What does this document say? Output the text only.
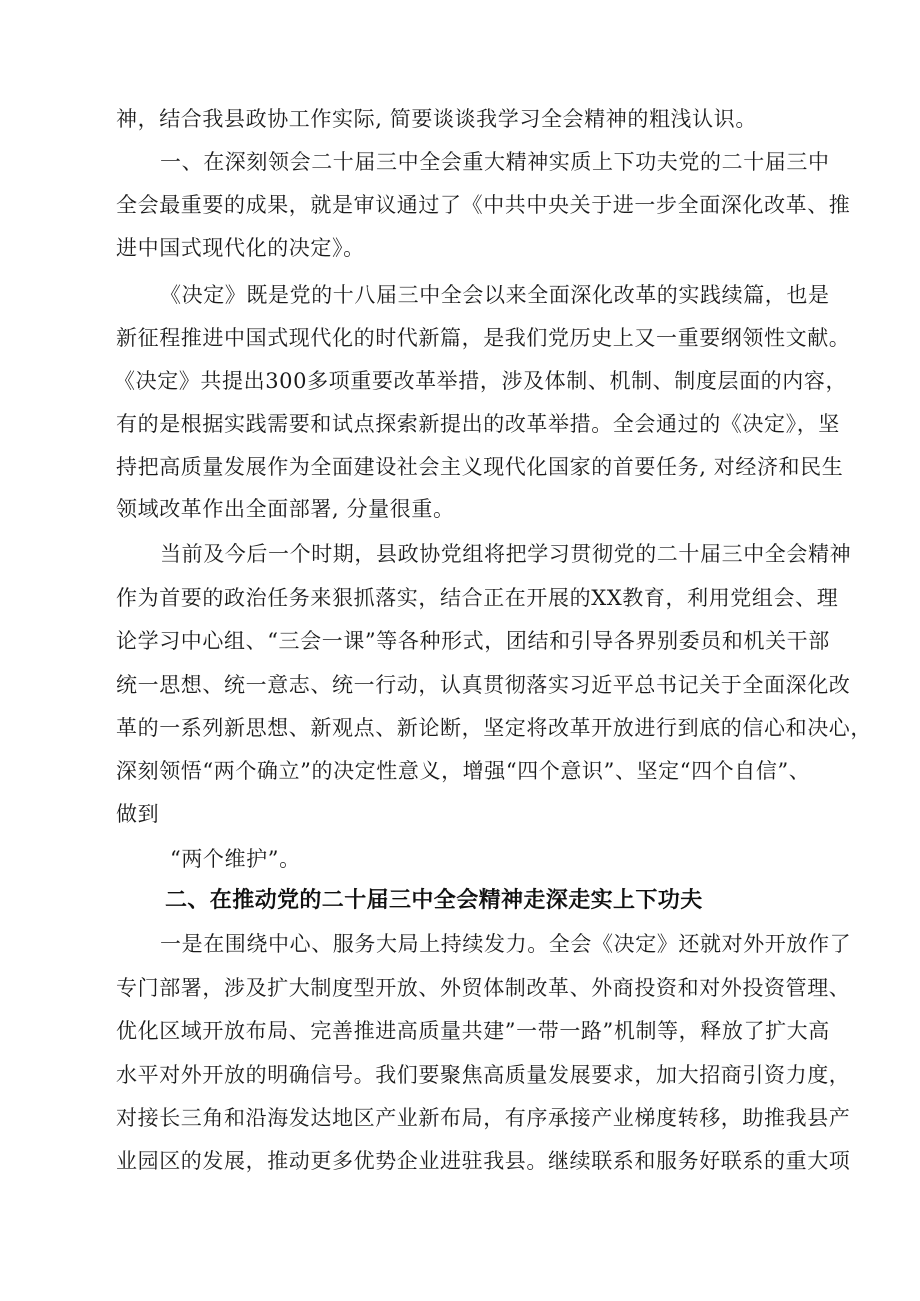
神，结合我县政协工作实际, 简要谈谈我学习全会精神的粗浅认识。
一、在深刻领会二十届三中全会重大精神实质上下功夫党的二十届三中
全会最重要的成果，就是审议通过了《中共中央关于进一步全面深化改革、推
进中国式现代化的决定》。
《决定》既是党的十八届三中全会以来全面深化改革的实践续篇，也是
新征程推进中国式现代化的时代新篇，是我们党历史上又一重要纲领性文献。
《决定》共提出300多项重要改革举措，涉及体制、机制、制度层面的内容，
有的是根据实践需要和试点探索新提出的改革举措。全会通过的《决定》，坚
持把高质量发展作为全面建设社会主义现代化国家的首要任务, 对经济和民生
领域改革作出全面部署, 分量很重。
当前及今后一个时期，县政协党组将把学习贯彻党的二十届三中全会精神
作为首要的政治任务来狠抓落实，结合正在开展的XX教育，利用党组会、理
论学习中心组、“三会一课”等各种形式，团结和引导各界别委员和机关干部
统一思想、统一意志、统一行动，认真贯彻落实习近平总书记关于全面深化改
革的一系列新思想、新观点、新论断，坚定将改革开放进行到底的信心和决心，
深刻领悟“两个确立”的决定性意义，增强“四个意识”、坚定“四个自信”、
做到
“两个维护”。
二、在推动党的二十届三中全会精神走深走实上下功夫
一是在围绕中心、服务大局上持续发力。全会《决定》还就对外开放作了
专门部署，涉及扩大制度型开放、外贸体制改革、外商投资和对外投资管理、
优化区域开放布局、完善推进高质量共建”一带一路”机制等，释放了扩大高
水平对外开放的明确信号。我们要聚焦高质量发展要求，加大招商引资力度，
对接长三角和沿海发达地区产业新布局，有序承接产业梯度转移，助推我县产
业园区的发展，推动更多优势企业进驻我县。继续联系和服务好联系的重大项
